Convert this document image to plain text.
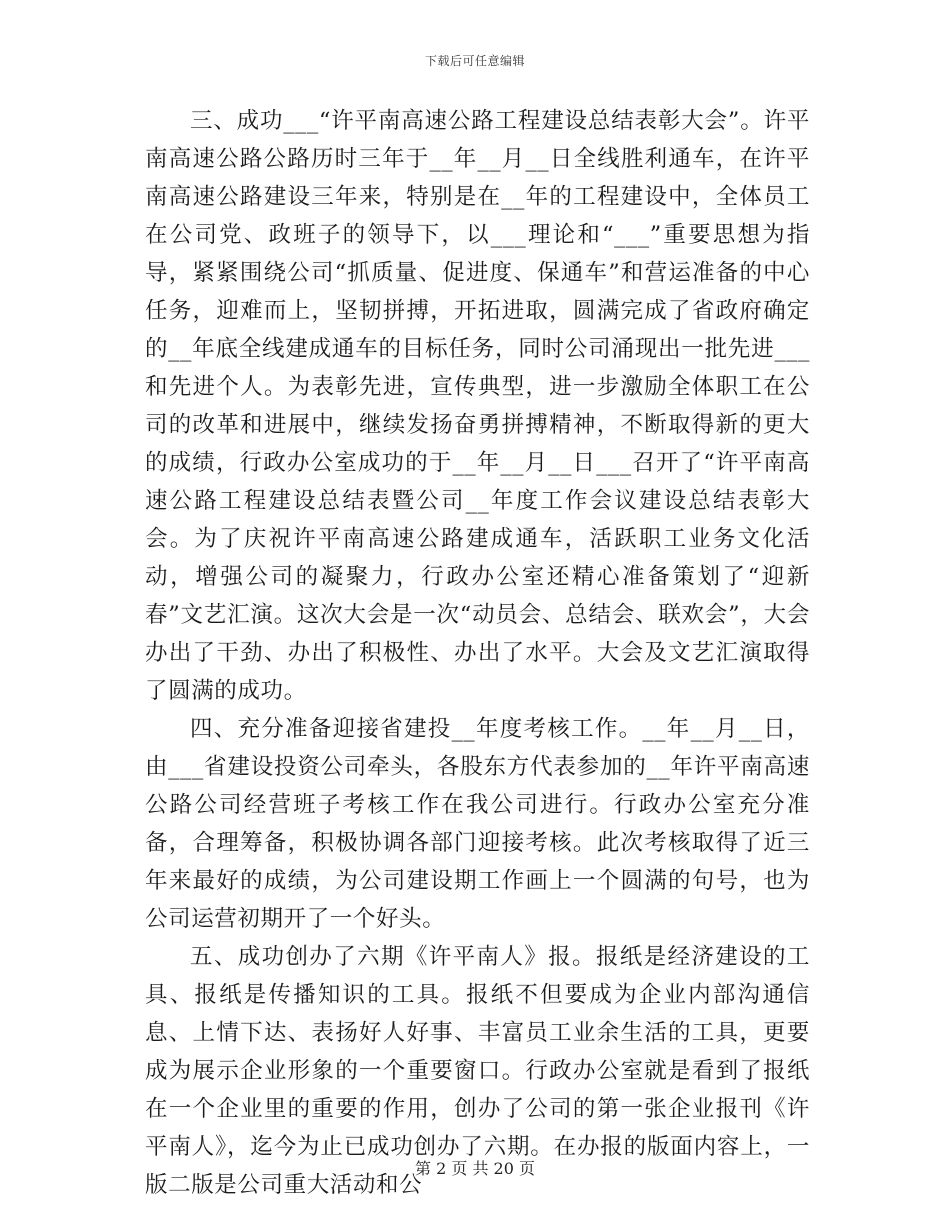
下载后可任意编辑

三、成功___“许平南高速公路工程建设总结表彰大会”。许平南高速公路公路历时三年于__年__月__日全线胜利通车，在许平南高速公路建设三年来，特别是在__年的工程建设中，全体员工在公司党、政班子的领导下，以___理论和“___”重要思想为指导，紧紧围绕公司“抓质量、促进度、保通车”和营运准备的中心任务，迎难而上，坚韧拼搏，开拓进取，圆满完成了省政府确定的__年底全线建成通车的目标任务，同时公司涌现出一批先进___和先进个人。为表彰先进，宣传典型，进一步激励全体职工在公司的改革和进展中，继续发扬奋勇拼搏精神，不断取得新的更大的成绩，行政办公室成功的于__年__月__日___召开了“许平南高速公路工程建设总结表暨公司__年度工作会议建设总结表彰大会。为了庆祝许平南高速公路建成通车，活跃职工业务文化活动，增强公司的凝聚力，行政办公室还精心准备策划了“迎新春”文艺汇演。这次大会是一次“动员会、总结会、联欢会”，大会办出了干劲、办出了积极性、办出了水平。大会及文艺汇演取得了圆满的成功。

四、充分准备迎接省建投__年度考核工作。__年__月__日，由___省建设投资公司牵头，各股东方代表参加的__年许平南高速公路公司经营班子考核工作在我公司进行。行政办公室充分准备，合理筹备，积极协调各部门迎接考核。此次考核取得了近三年来最好的成绩，为公司建设期工作画上一个圆满的句号，也为公司运营初期开了一个好头。

五、成功创办了六期《许平南人》报。报纸是经济建设的工具、报纸是传播知识的工具。报纸不但要成为企业内部沟通信息、上情下达、表扬好人好事、丰富员工业余生活的工具，更要成为展示企业形象的一个重要窗口。行政办公室就是看到了报纸在一个企业里的重要的作用，创办了公司的第一张企业报刊《许平南人》，迄今为止已成功创办了六期。在办报的版面内容上，一版二版是公司重大活动和公

第 2 页 共 20 页
